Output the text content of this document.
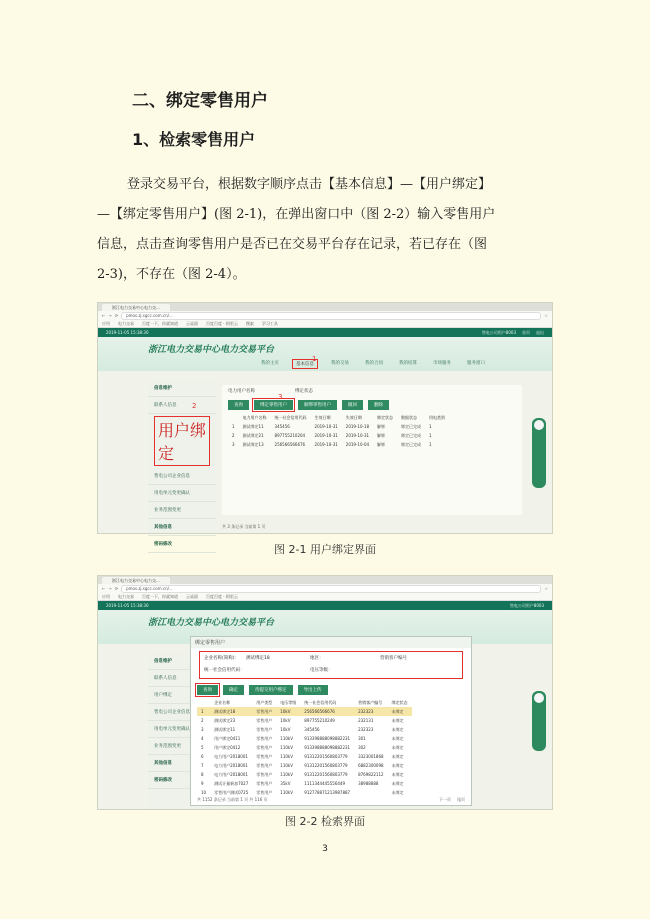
二、绑定零售用户
1、检索零售用户

登录交易平台，根据数字顺序点击【基本信息】—【用户绑定】

—【绑定零售用户】(图 2-1)，在弹出窗口中（图 2-2）输入零售用户

信息，点击查询零售用户是否已在交易平台存在记录，若已存在（图

2-3)，不存在（图 2-4）。

浙江电力交易中心电力交...
← → ⟳	pmos.zj.sgcc.com.cn/...	☆
应用 电力交易 百度一下，你就知道 云桌面 百度百度 · 阿里云 搜索 学习工具
2019-11-05 15:38:30	售电公司用户8003 首页 退出
浙江电力交易中心电力交易平台
我的主页	基本信息	我的交易	我的合同	我的结算	市场服务	服务窗口
1
信息维护
联系人信息
用户绑定
售电公司企业信息
用电单元变更确认
业务范围变更
其他信息
密码修改
2
电力用户名称	绑定状态
3
查询	绑定零售用户	解绑零售用户	撤回	删除
	电力用户名称	统一社会信用代码	生效日期	失效日期	绑定状态	数据状态	用电类别
1	测试绑定11	345456	2019-10-31	2019-10-18	解绑	绑定已完成	1
2	测试绑定21	897755210204	2019-10-31	2019-10-31	解绑	绑定已完成	1
3	测试绑定13	256566566676	2019-10-31	2019-10-04	解绑	绑定已完成	1
共 3 条记录 当前第 1 页
图 2-1 用户绑定界面
浙江电力交易中心电力交...
← → ⟳	pmos.zj.sgcc.com.cn/...	☆
应用 电力交易 百度一下，你就知道 云桌面 百度百度 · 阿里云
2019-11-05 15:38:30	售电公司用户8003
浙江电力交易中心电力交易平台
信息维护
联系人信息
用户绑定
售电公司企业信息
用电单元变更确认
业务范围变更
其他信息
密码修改
绑定零售用户
企业名称(简称)： 测试绑定18	地区：	营销客户编号
统一社会信用代码：	电压等级：
查询	确定	待提交用户绑定	导出上传
	企业名称	用户类型	电压等级	统一社会信用代码	营销客户编号	绑定状态
1	测试绑定18	零售用户	10kV	256566566676	232323	未绑定
2	测试绑定23	零售用户	10kV	897755210249	232131	未绑定
3	测试绑定11	零售用户	10kV	345456	232323	未绑定
4	用户绑定0411	零售用户	110kV	913398888098882231	301	未绑定
5	用户绑定0412	零售用户	110kV	913398888098882231	302	未绑定
6	电力用户2018001	零售用户	110kV	91312201560803779	3323001868	未绑定
7	电力用户2018001	零售用户	110kV	91312201560803779	6882300098	未绑定
8	电力用户2018001	零售用户	110kV	91312201560803779	8769822112	未绑定
9	测试计量新加7027	零售用户	35kV	1111344445556449	38988888	未绑定
10	零售用户测试0725	零售用户	110kV	912778871213987887		未绑定
共 1152 条记录 当前第 1 页 共 116 页	下一页 尾页
图 2-2 检索界面
3
